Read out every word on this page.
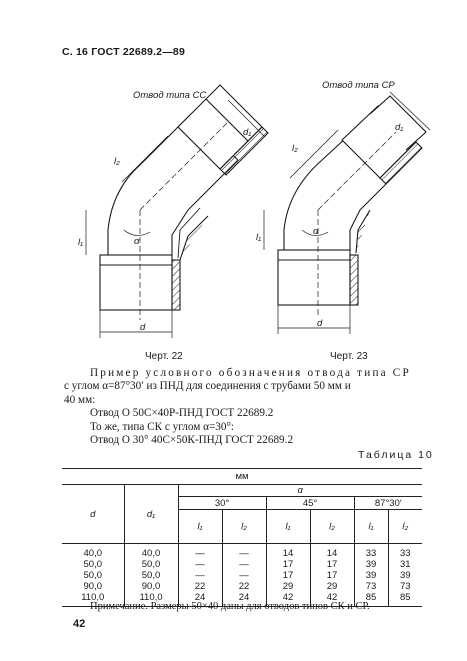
С. 16 ГОСТ 22689.2—89
Отвод типа СС
Отвод типа СР
d₁	d₁
l₂
l₂
l₁	l₁
α
α
d	d
Черт. 22	Черт. 23
Пример условного обозначения отвода типа СР
с углом α=87°30′ из ПНД для соединения с трубами 50 мм и
40 мм:
Отвод О 50С×40Р-ПНД ГОСТ 22689.2
То же, типа СК с углом α=30°:
Отвод О 30° 40С×50К-ПНД ГОСТ 22689.2
Таблица 10
мм							
d	d₁	α					
		30°		45°		87°30′	
		l₁	l₂	l₁	l₂	l₁	l₂
40,0	40,0	—	—	14	14	33	33
50,0	50,0	—	—	17	17	39	31
50,0	50,0	—	—	17	17	39	39
90,0	90,0	22	22	29	29	73	73
110,0	110,0	24	24	42	42	85	85
Примечание. Размеры 50×40 даны для отводов типов СК и СР.
42
